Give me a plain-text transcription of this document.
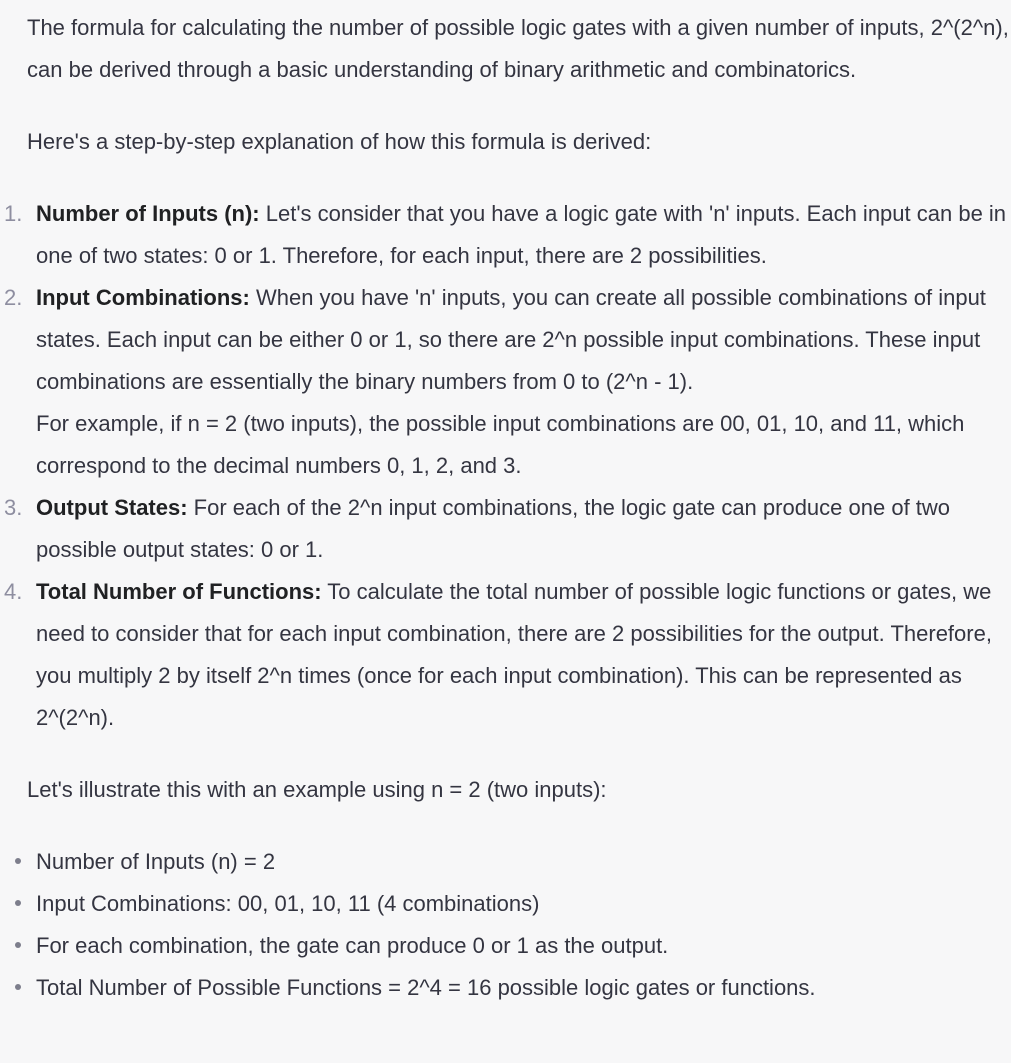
The formula for calculating the number of possible logic gates with a given number of inputs, 2^(2^n), can be derived through a basic understanding of binary arithmetic and combinatorics.

Here's a step-by-step explanation of how this formula is derived:

1. Number of Inputs (n): Let's consider that you have a logic gate with 'n' inputs. Each input can be in one of two states: 0 or 1. Therefore, for each input, there are 2 possibilities.
2. Input Combinations: When you have 'n' inputs, you can create all possible combinations of input states. Each input can be either 0 or 1, so there are 2^n possible input combinations. These input combinations are essentially the binary numbers from 0 to (2^n - 1).
For example, if n = 2 (two inputs), the possible input combinations are 00, 01, 10, and 11, which correspond to the decimal numbers 0, 1, 2, and 3.
3. Output States: For each of the 2^n input combinations, the logic gate can produce one of two possible output states: 0 or 1.
4. Total Number of Functions: To calculate the total number of possible logic functions or gates, we need to consider that for each input combination, there are 2 possibilities for the output. Therefore, you multiply 2 by itself 2^n times (once for each input combination). This can be represented as 2^(2^n).

Let's illustrate this with an example using n = 2 (two inputs):

Number of Inputs (n) = 2
Input Combinations: 00, 01, 10, 11 (4 combinations)
For each combination, the gate can produce 0 or 1 as the output.
Total Number of Possible Functions = 2^4 = 16 possible logic gates or functions.
